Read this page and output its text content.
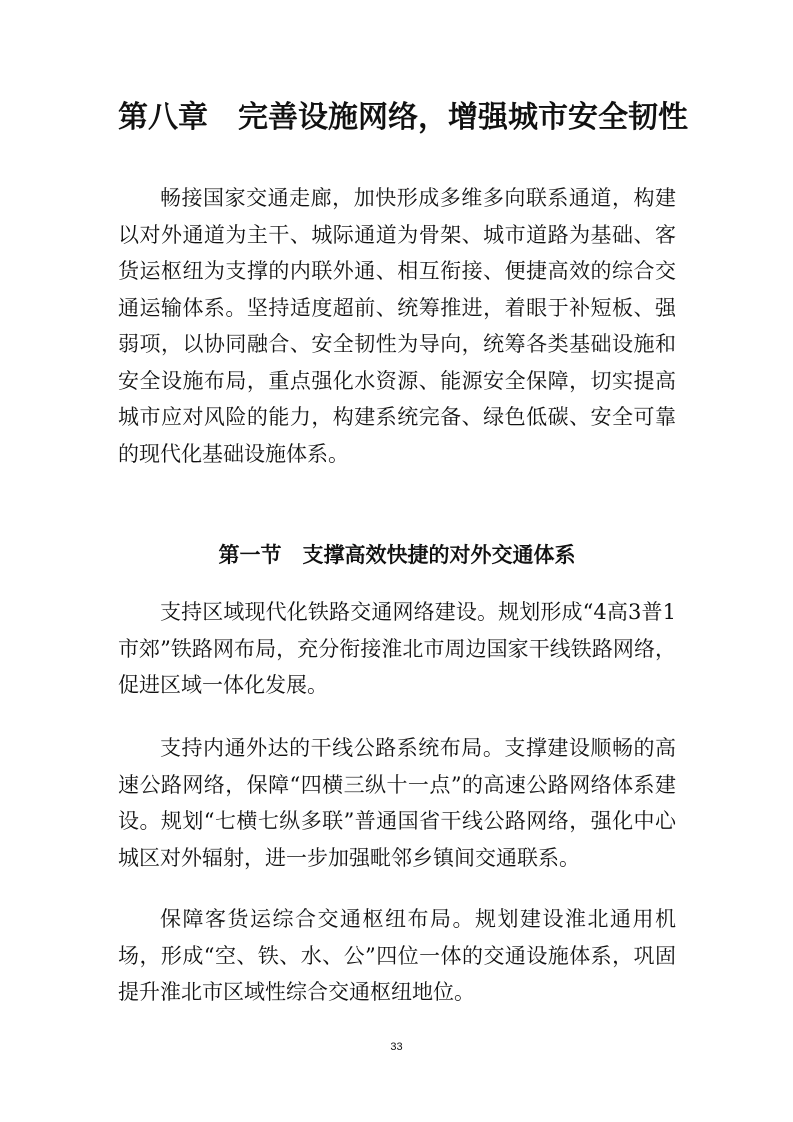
第八章　完善设施网络，增强城市安全韧性

畅接国家交通走廊，加快形成多维多向联系通道，构建以对外通道为主干、城际通道为骨架、城市道路为基础、客货运枢纽为支撑的内联外通、相互衔接、便捷高效的综合交通运输体系。坚持适度超前、统筹推进，着眼于补短板、强弱项，以协同融合、安全韧性为导向，统筹各类基础设施和安全设施布局，重点强化水资源、能源安全保障，切实提高城市应对风险的能力，构建系统完备、绿色低碳、安全可靠的现代化基础设施体系。

第一节　支撑高效快捷的对外交通体系

支持区域现代化铁路交通网络建设。规划形成“4高3普1市郊”铁路网布局，充分衔接淮北市周边国家干线铁路网络，促进区域一体化发展。

支持内通外达的干线公路系统布局。支撑建设顺畅的高速公路网络，保障“四横三纵十一点”的高速公路网络体系建设。规划“七横七纵多联”普通国省干线公路网络，强化中心城区对外辐射，进一步加强毗邻乡镇间交通联系。

保障客货运综合交通枢纽布局。规划建设淮北通用机场，形成“空、铁、水、公”四位一体的交通设施体系，巩固提升淮北市区域性综合交通枢纽地位。

33
